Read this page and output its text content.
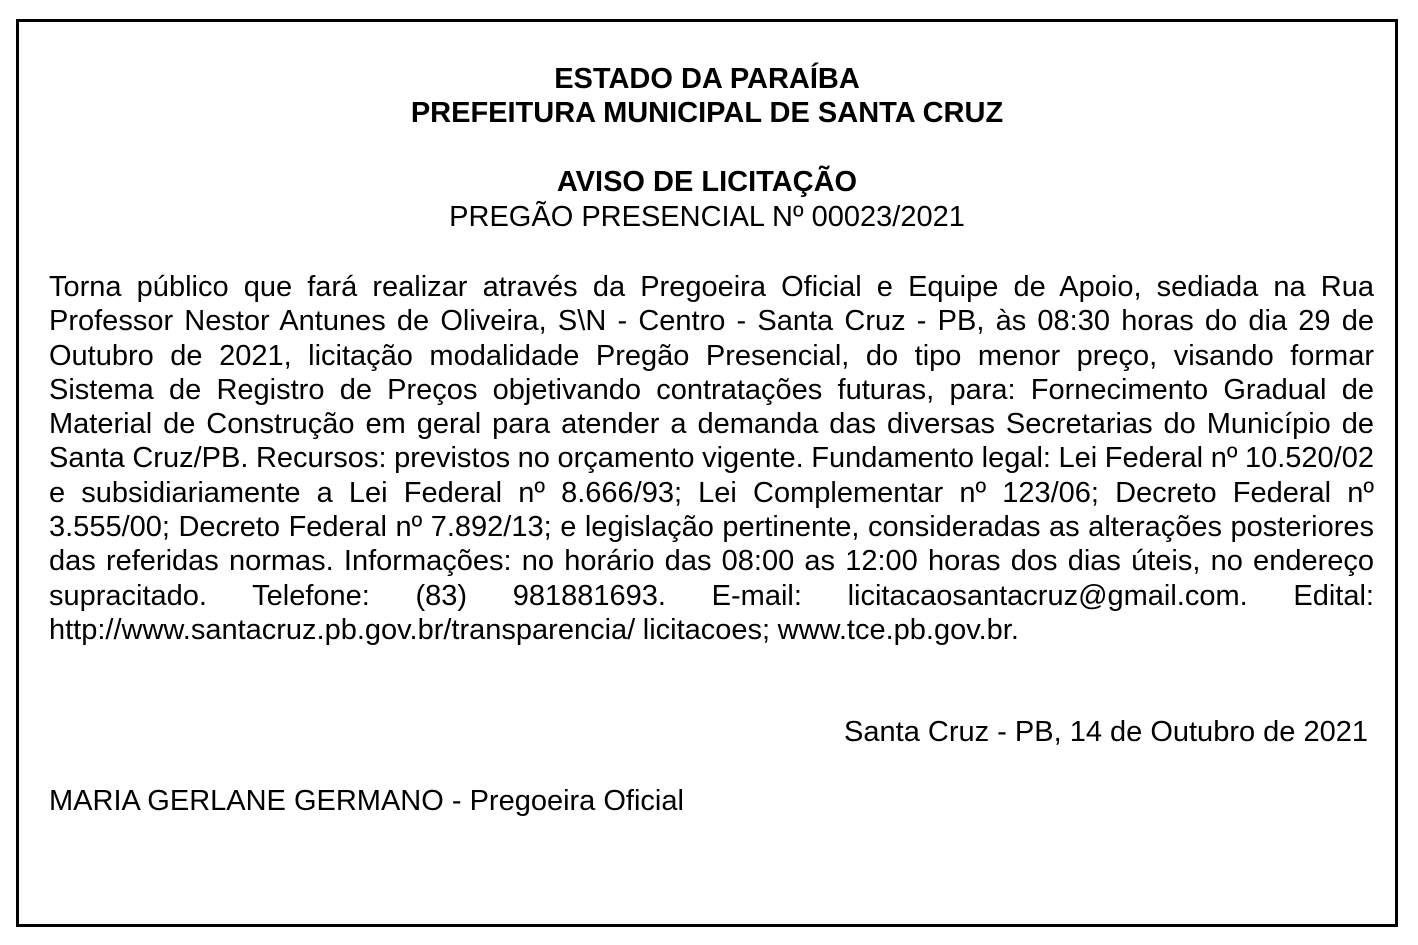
ESTADO DA PARAÍBA
PREFEITURA MUNICIPAL DE SANTA CRUZ
AVISO DE LICITAÇÃO
PREGÃO PRESENCIAL Nº 00023/2021
Torna público que fará realizar através da Pregoeira Oficial e Equipe de Apoio, sediada na Rua Professor Nestor Antunes de Oliveira, S\N - Centro - Santa Cruz - PB, às 08:30 horas do dia 29 de Outubro de 2021, licitação modalidade Pregão Presencial, do tipo menor preço, visando formar Sistema de Registro de Preços objetivando contratações futuras, para: Fornecimento Gradual de Material de Construção em geral para atender a demanda das diversas Secretarias do Município de Santa Cruz/PB. Recursos: previstos no orçamento vigente. Fundamento legal: Lei Federal nº 10.520/02 e subsidiariamente a Lei Federal nº 8.666/93; Lei Complementar nº 123/06; Decreto Federal nº 3.555/00; Decreto Federal nº 7.892/13; e legislação pertinente, consideradas as alterações posteriores das referidas normas. Informações: no horário das 08:00 as 12:00 horas dos dias úteis, no endereço supracitado. Telefone: (83) 981881693. E-mail: licitacaosantacruz@gmail.com. Edital: http://www.santacruz.pb.gov.br/transparencia/ licitacoes; www.tce.pb.gov.br.
Santa Cruz - PB, 14 de Outubro de 2021
MARIA GERLANE GERMANO - Pregoeira Oficial
